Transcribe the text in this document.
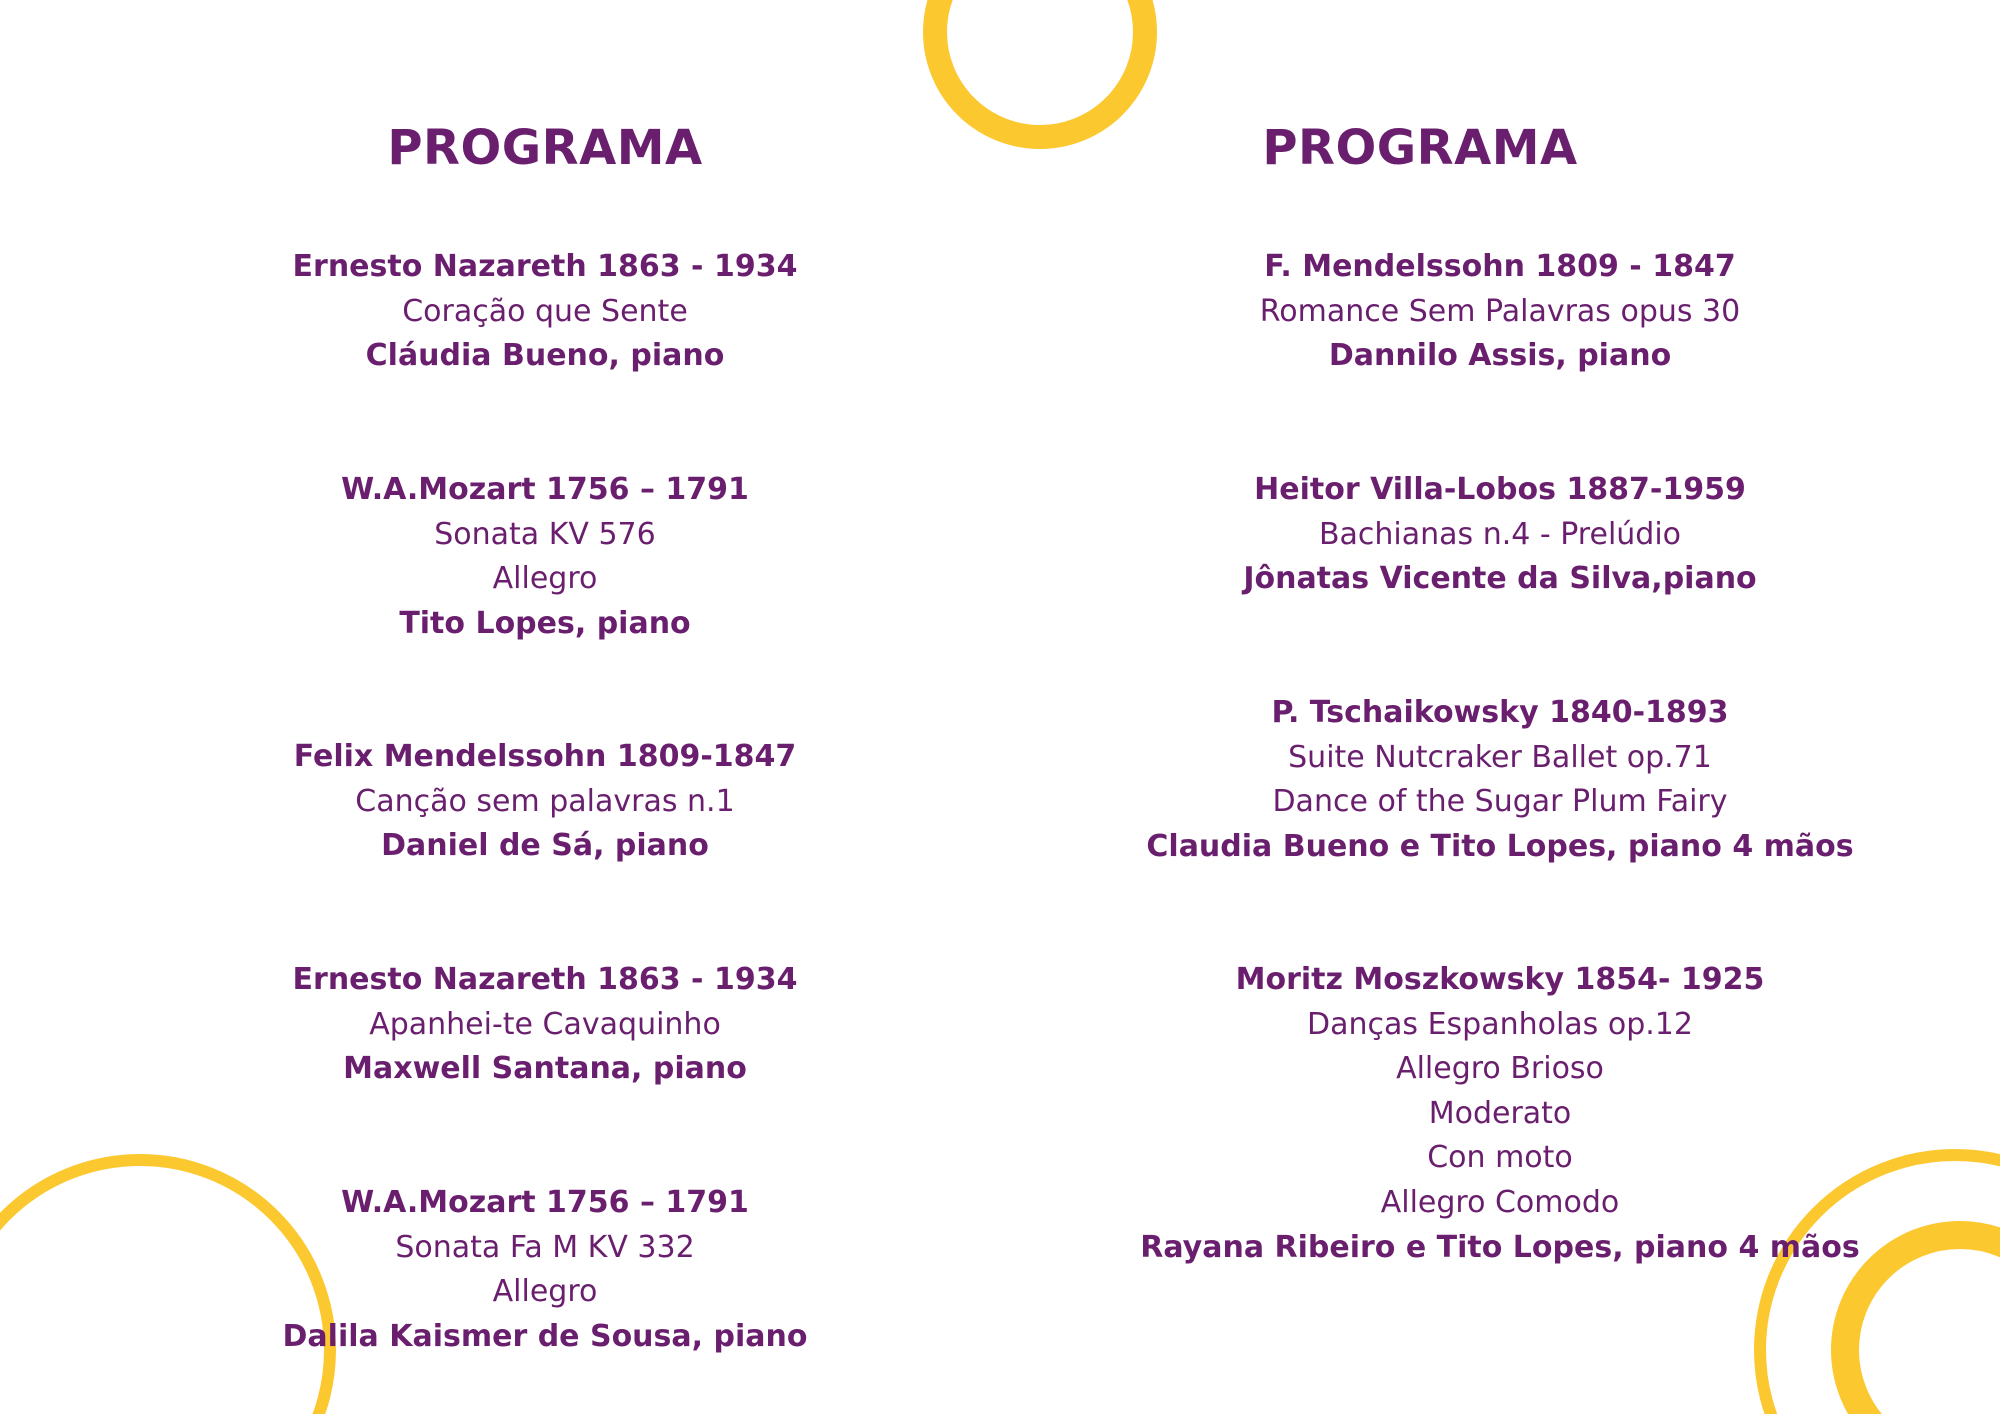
PROGRAMA
Ernesto Nazareth 1863 - 1934
Coração que Sente
Cláudia Bueno, piano
W.A.Mozart 1756 – 1791
Sonata KV 576
Allegro
Tito Lopes, piano
Felix Mendelssohn 1809-1847
Canção sem palavras n.1
Daniel de Sá, piano
Ernesto Nazareth 1863 - 1934
Apanhei-te Cavaquinho
Maxwell Santana, piano
W.A.Mozart 1756 – 1791
Sonata Fa M KV 332
Allegro
Dalila Kaismer de Sousa, piano
PROGRAMA
F. Mendelssohn 1809 - 1847
Romance Sem Palavras opus 30
Dannilo Assis, piano
Heitor Villa-Lobos 1887-1959
Bachianas n.4 - Prelúdio
Jônatas Vicente da Silva,piano
P. Tschaikowsky 1840-1893
Suite Nutcraker Ballet op.71
Dance of the Sugar Plum Fairy
Claudia Bueno e Tito Lopes, piano 4 mãos
Moritz Moszkowsky 1854- 1925
Danças Espanholas op.12
Allegro Brioso
Moderato
Con moto
Allegro Comodo
Rayana Ribeiro e Tito Lopes, piano 4 mãos
